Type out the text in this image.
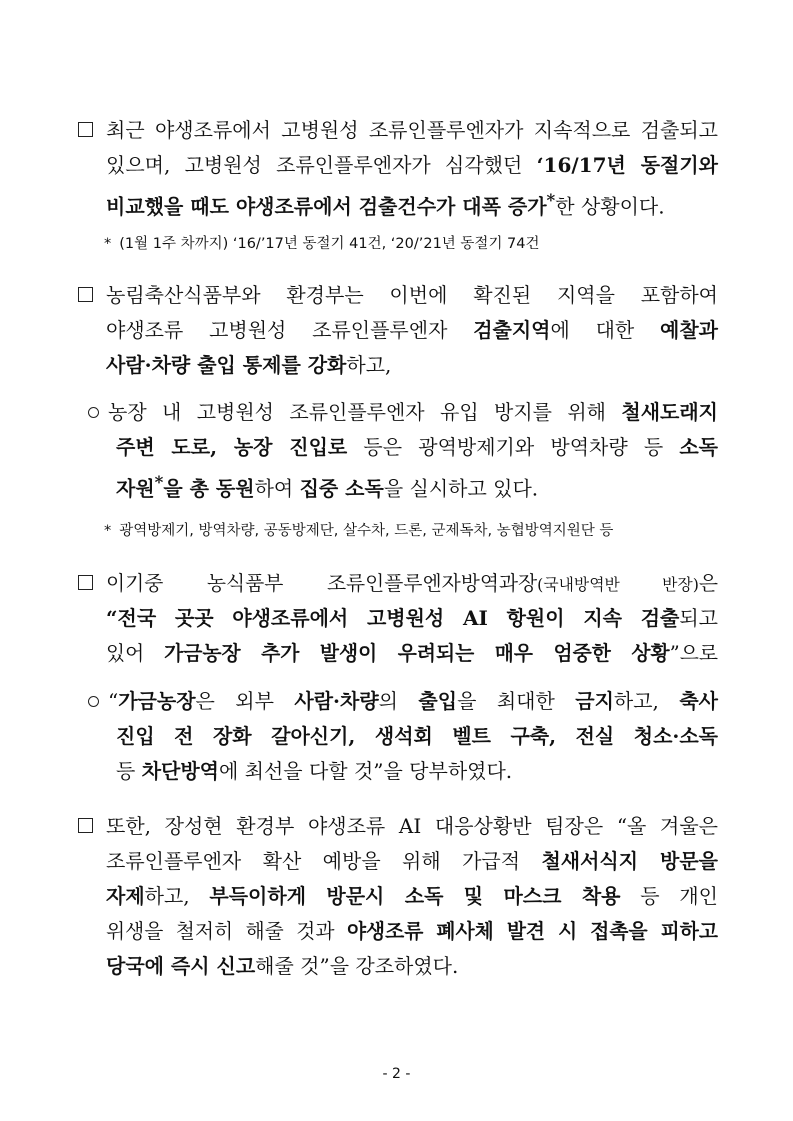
최근 야생조류에서 고병원성 조류인플루엔자가 지속적으로 검출되고
있으며, 고병원성 조류인플루엔자가 심각했던 ‘16/17년 동절기와
비교했을 때도 야생조류에서 검출건수가 대폭 증가*한 상황이다.
* (1월 1주 차까지) ‘16/’17년 동절기 41건, ‘20/’21년 동절기 74건
농림축산식품부와 환경부는 이번에 확진된 지역을 포함하여
야생조류 고병원성 조류인플루엔자 검출지역에 대한 예찰과
사람·차량 출입 통제를 강화하고,
농장 내 고병원성 조류인플루엔자 유입 방지를 위해 철새도래지
주변 도로, 농장 진입로 등은 광역방제기와 방역차량 등 소독
자원*을 총 동원하여 집중 소독을 실시하고 있다.
* 광역방제기, 방역차량, 공동방제단, 살수차, 드론, 군제독차, 농협방역지원단 등
이기중 농식품부 조류인플루엔자방역과장(국내방역반 반장)은
“전국 곳곳 야생조류에서 고병원성 AI 항원이 지속 검출되고
있어 가금농장 추가 발생이 우려되는 매우 엄중한 상황”으로
“가금농장은 외부 사람·차량의 출입을 최대한 금지하고, 축사
진입 전 장화 갈아신기, 생석회 벨트 구축, 전실 청소·소독
등 차단방역에 최선을 다할 것”을 당부하였다.
또한, 장성현 환경부 야생조류 AI 대응상황반 팀장은 “올 겨울은
조류인플루엔자 확산 예방을 위해 가급적 철새서식지 방문을
자제하고, 부득이하게 방문시 소독 및 마스크 착용 등 개인
위생을 철저히 해줄 것과 야생조류 폐사체 발견 시 접촉을 피하고
당국에 즉시 신고해줄 것”을 강조하였다.
- 2 -
